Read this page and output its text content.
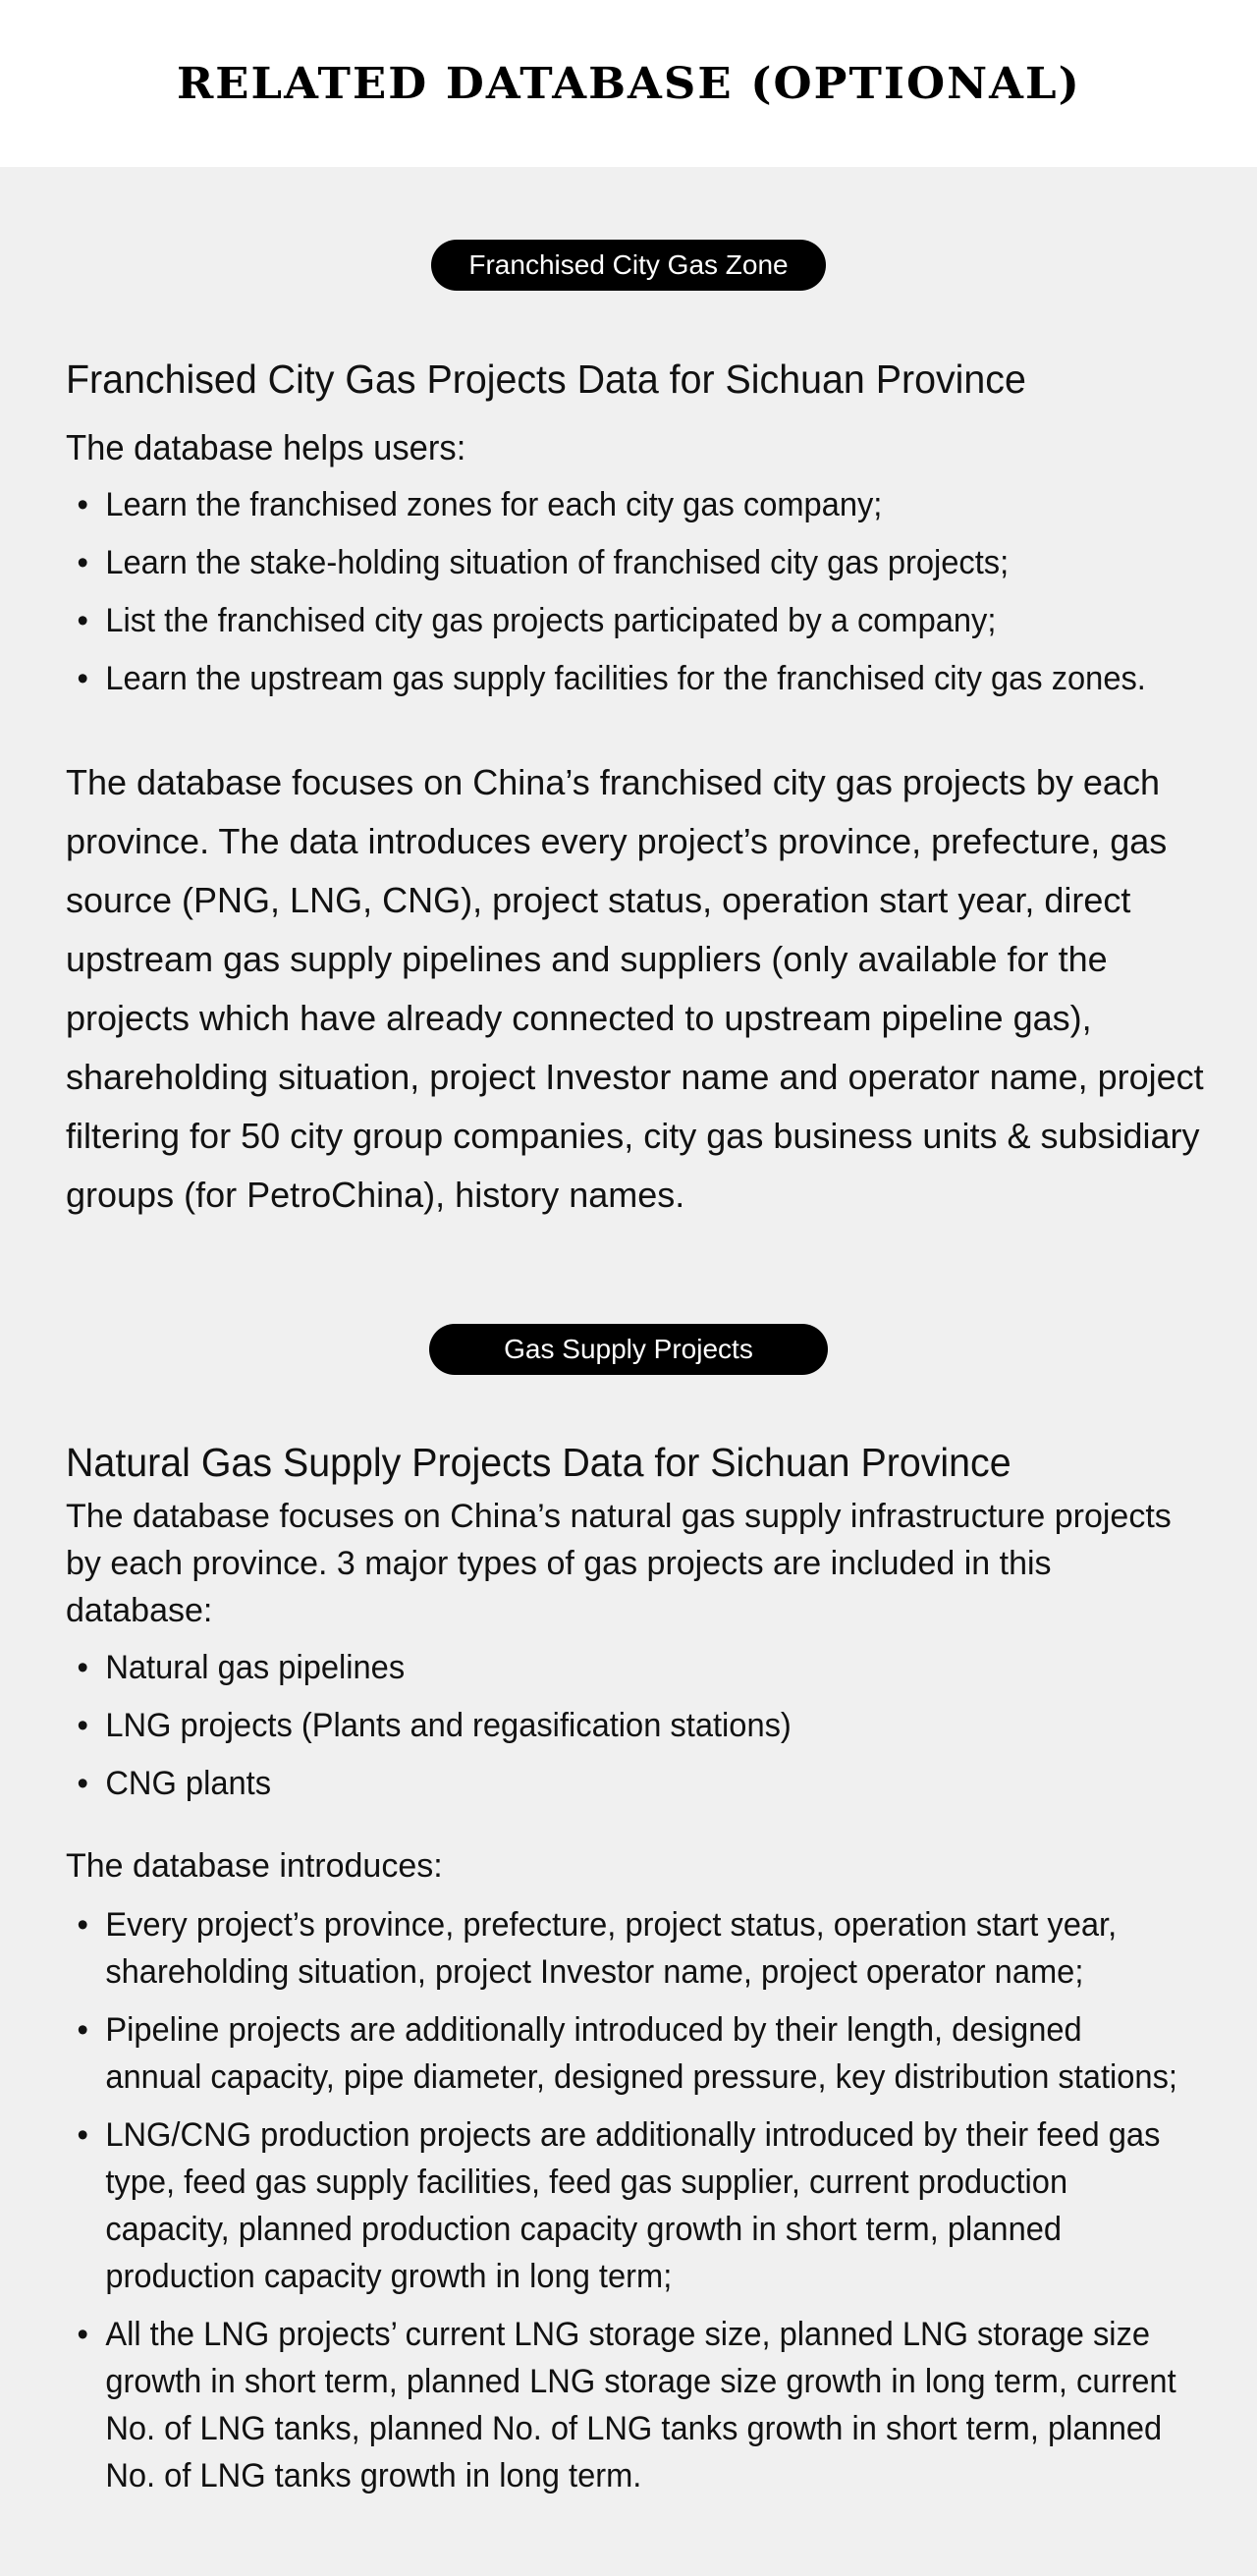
RELATED DATABASE (OPTIONAL)
Franchised City Gas Zone
Franchised City Gas Projects Data for Sichuan Province

The database helps users:

• Learn the franchised zones for each city gas company;
• Learn the stake-holding situation of franchised city gas projects;
• List the franchised city gas projects participated by a company;
• Learn the upstream gas supply facilities for the franchised city gas zones.

The database focuses on China’s franchised city gas projects by each province. The data introduces every project’s province, prefecture, gas source (PNG, LNG, CNG), project status, operation start year, direct upstream gas supply pipelines and suppliers (only available for the projects which have already connected to upstream pipeline gas), shareholding situation, project Investor name and operator name, project filtering for 50 city group companies, city gas business units & subsidiary groups (for PetroChina), history names.

Gas Supply Projects
Natural Gas Supply Projects Data for Sichuan Province

The database focuses on China’s natural gas supply infrastructure projects by each province. 3 major types of gas projects are included in this database:

• Natural gas pipelines
• LNG projects (Plants and regasification stations)
• CNG plants

The database introduces:

• Every project’s province, prefecture, project status, operation start year, shareholding situation, project Investor name, project operator name;
• Pipeline projects are additionally introduced by their length, designed annual capacity, pipe diameter, designed pressure, key distribution stations;
• LNG/CNG production projects are additionally introduced by their feed gas type, feed gas supply facilities, feed gas supplier, current production capacity, planned production capacity growth in short term, planned production capacity growth in long term;
• All the LNG projects’ current LNG storage size, planned LNG storage size growth in short term, planned LNG storage size growth in long term, current No. of LNG tanks, planned No. of LNG tanks growth in short term, planned No. of LNG tanks growth in long term.
